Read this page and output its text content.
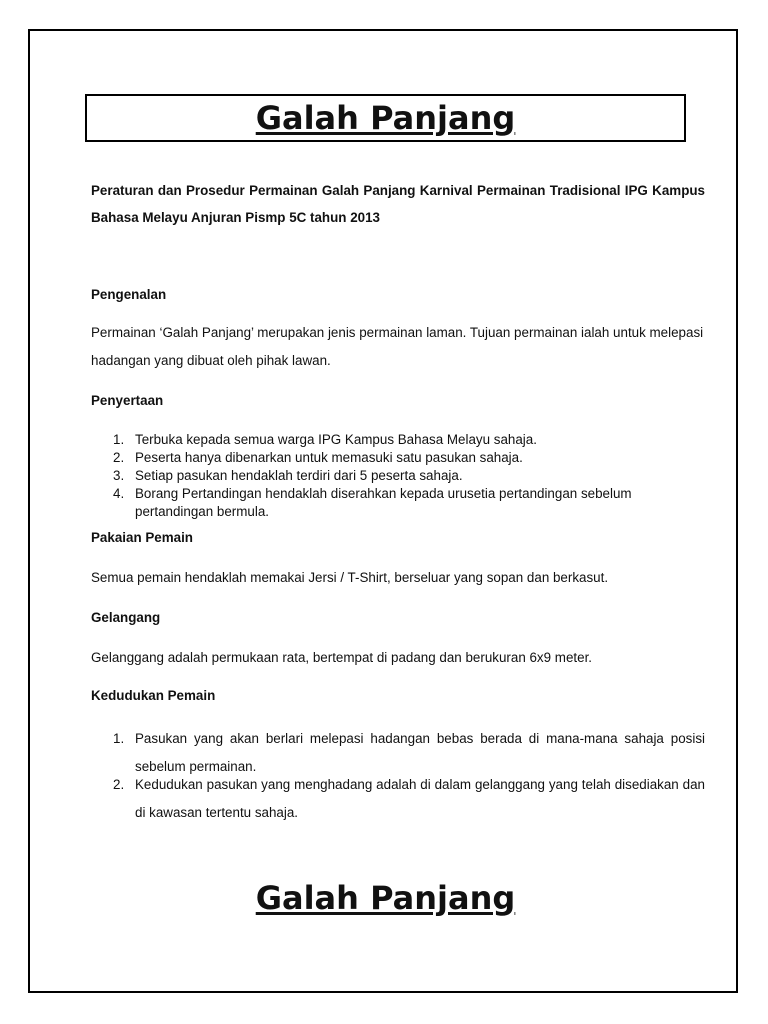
Galah Panjang

Peraturan dan Prosedur Permainan Galah Panjang Karnival Permainan Tradisional IPG Kampus Bahasa Melayu Anjuran Pismp 5C tahun 2013

Pengenalan

Permainan ‘Galah Panjang’ merupakan jenis permainan laman. Tujuan permainan ialah untuk melepasi hadangan yang dibuat oleh pihak lawan.

Penyertaan

1. Terbuka kepada semua warga IPG Kampus Bahasa Melayu sahaja.
2. Peserta hanya dibenarkan untuk memasuki satu pasukan sahaja.
3. Setiap pasukan hendaklah terdiri dari 5 peserta sahaja.
4. Borang Pertandingan hendaklah diserahkan kepada urusetia pertandingan sebelum pertandingan bermula.

Pakaian Pemain

Semua pemain hendaklah memakai Jersi / T-Shirt, berseluar yang sopan dan berkasut.

Gelangang

Gelanggang adalah permukaan rata, bertempat di padang dan berukuran 6x9 meter.

Kedudukan Pemain

1. Pasukan yang akan berlari melepasi hadangan bebas berada di mana-mana sahaja posisi sebelum permainan.
2. Kedudukan pasukan yang menghadang adalah di dalam gelanggang yang telah disediakan dan di kawasan tertentu sahaja.
Galah Panjang
